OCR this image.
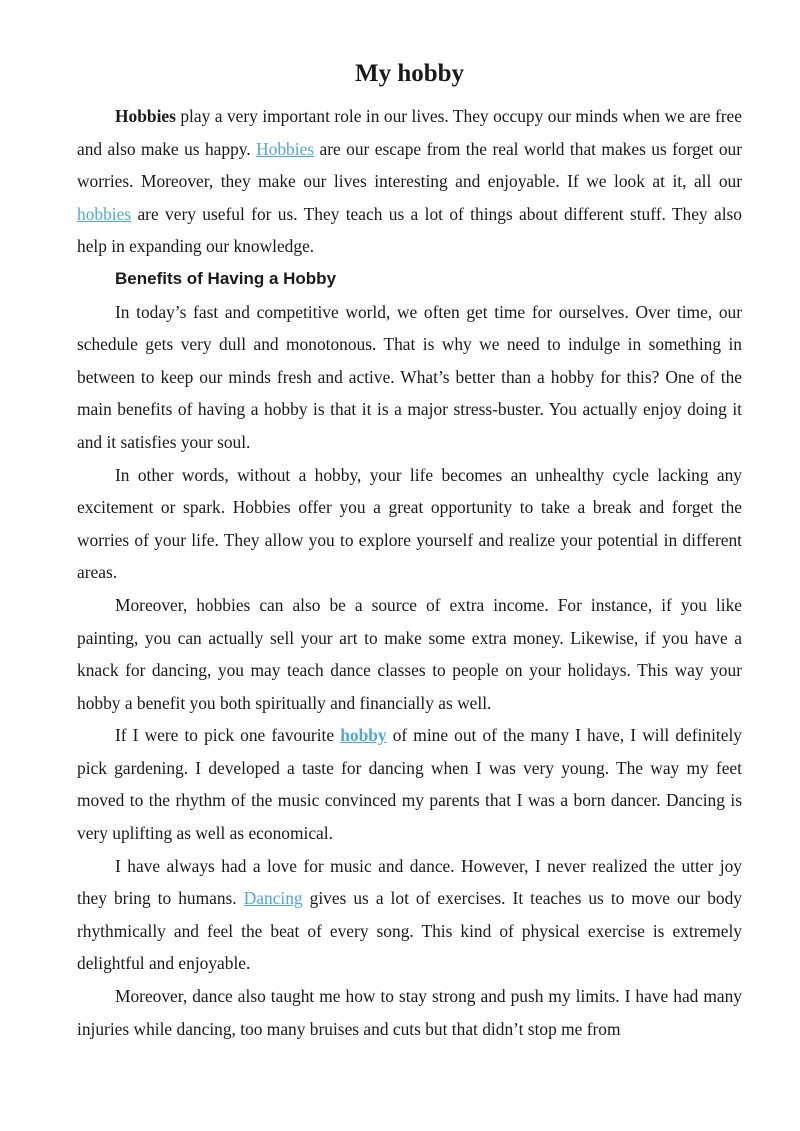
My hobby

Hobbies play a very important role in our lives. They occupy our minds when we are free and also make us happy. Hobbies are our escape from the real world that makes us forget our worries. Moreover, they make our lives interesting and enjoyable. If we look at it, all our hobbies are very useful for us. They teach us a lot of things about different stuff. They also help in expanding our knowledge.

Benefits of Having a Hobby

In today’s fast and competitive world, we often get time for ourselves. Over time, our schedule gets very dull and monotonous. That is why we need to indulge in something in between to keep our minds fresh and active. What’s better than a hobby for this? One of the main benefits of having a hobby is that it is a major stress-buster. You actually enjoy doing it and it satisfies your soul.

In other words, without a hobby, your life becomes an unhealthy cycle lacking any excitement or spark. Hobbies offer you a great opportunity to take a break and forget the worries of your life. They allow you to explore yourself and realize your potential in different areas.

Moreover, hobbies can also be a source of extra income. For instance, if you like painting, you can actually sell your art to make some extra money. Likewise, if you have a knack for dancing, you may teach dance classes to people on your holidays. This way your hobby a benefit you both spiritually and financially as well.

If I were to pick one favourite hobby of mine out of the many I have, I will definitely pick gardening. I developed a taste for dancing when I was very young. The way my feet moved to the rhythm of the music convinced my parents that I was a born dancer. Dancing is very uplifting as well as economical.

I have always had a love for music and dance. However, I never realized the utter joy they bring to humans. Dancing gives us a lot of exercises. It teaches us to move our body rhythmically and feel the beat of every song. This kind of physical exercise is extremely delightful and enjoyable.

Moreover, dance also taught me how to stay strong and push my limits. I have had many injuries while dancing, too many bruises and cuts but that didn’t stop me from
